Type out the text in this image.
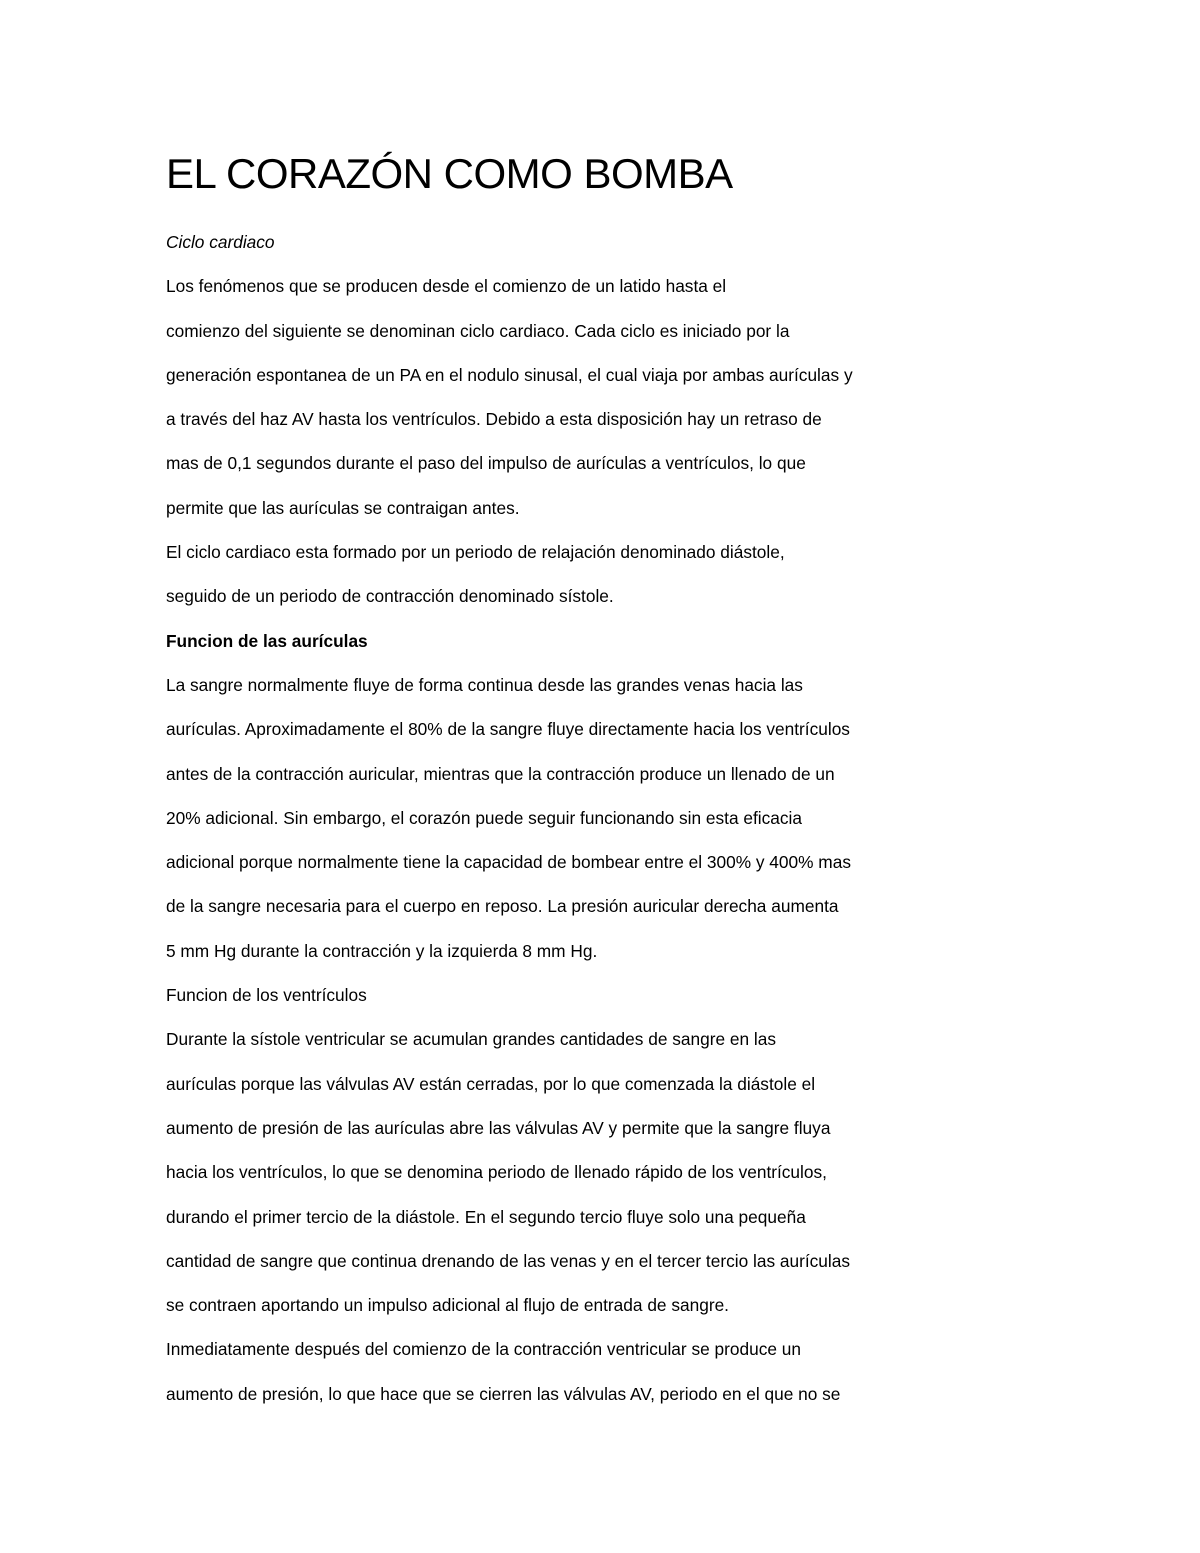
EL CORAZÓN COMO BOMBA
Ciclo cardiaco
Los fenómenos que se producen desde el comienzo de un latido hasta el
comienzo del siguiente se denominan ciclo cardiaco. Cada ciclo es iniciado por la
generación espontanea de un PA en el nodulo sinusal, el cual viaja por ambas aurículas y
a través del haz AV hasta los ventrículos. Debido a esta disposición hay un retraso de
mas de 0,1 segundos durante el paso del impulso de aurículas a ventrículos, lo que
permite que las aurículas se contraigan antes.
El ciclo cardiaco esta formado por un periodo de relajación denominado diástole,
seguido de un periodo de contracción denominado sístole.
Funcion de las aurículas
La sangre normalmente fluye de forma continua desde las grandes venas hacia las
aurículas. Aproximadamente el 80% de la sangre fluye directamente hacia los ventrículos
antes de la contracción auricular, mientras que la contracción produce un llenado de un
20% adicional. Sin embargo, el corazón puede seguir funcionando sin esta eficacia
adicional porque normalmente tiene la capacidad de bombear entre el 300% y 400% mas
de la sangre necesaria para el cuerpo en reposo. La presión auricular derecha aumenta
5 mm Hg durante la contracción y la izquierda 8 mm Hg.
Funcion de los ventrículos
Durante la sístole ventricular se acumulan grandes cantidades de sangre en las
aurículas porque las válvulas AV están cerradas, por lo que comenzada la diástole el
aumento de presión de las aurículas abre las válvulas AV y permite que la sangre fluya
hacia los ventrículos, lo que se denomina periodo de llenado rápido de los ventrículos,
durando el primer tercio de la diástole. En el segundo tercio fluye solo una pequeña
cantidad de sangre que continua drenando de las venas y en el tercer tercio las aurículas
se contraen aportando un impulso adicional al flujo de entrada de sangre.
Inmediatamente después del comienzo de la contracción ventricular se produce un
aumento de presión, lo que hace que se cierren las válvulas AV, periodo en el que no se
